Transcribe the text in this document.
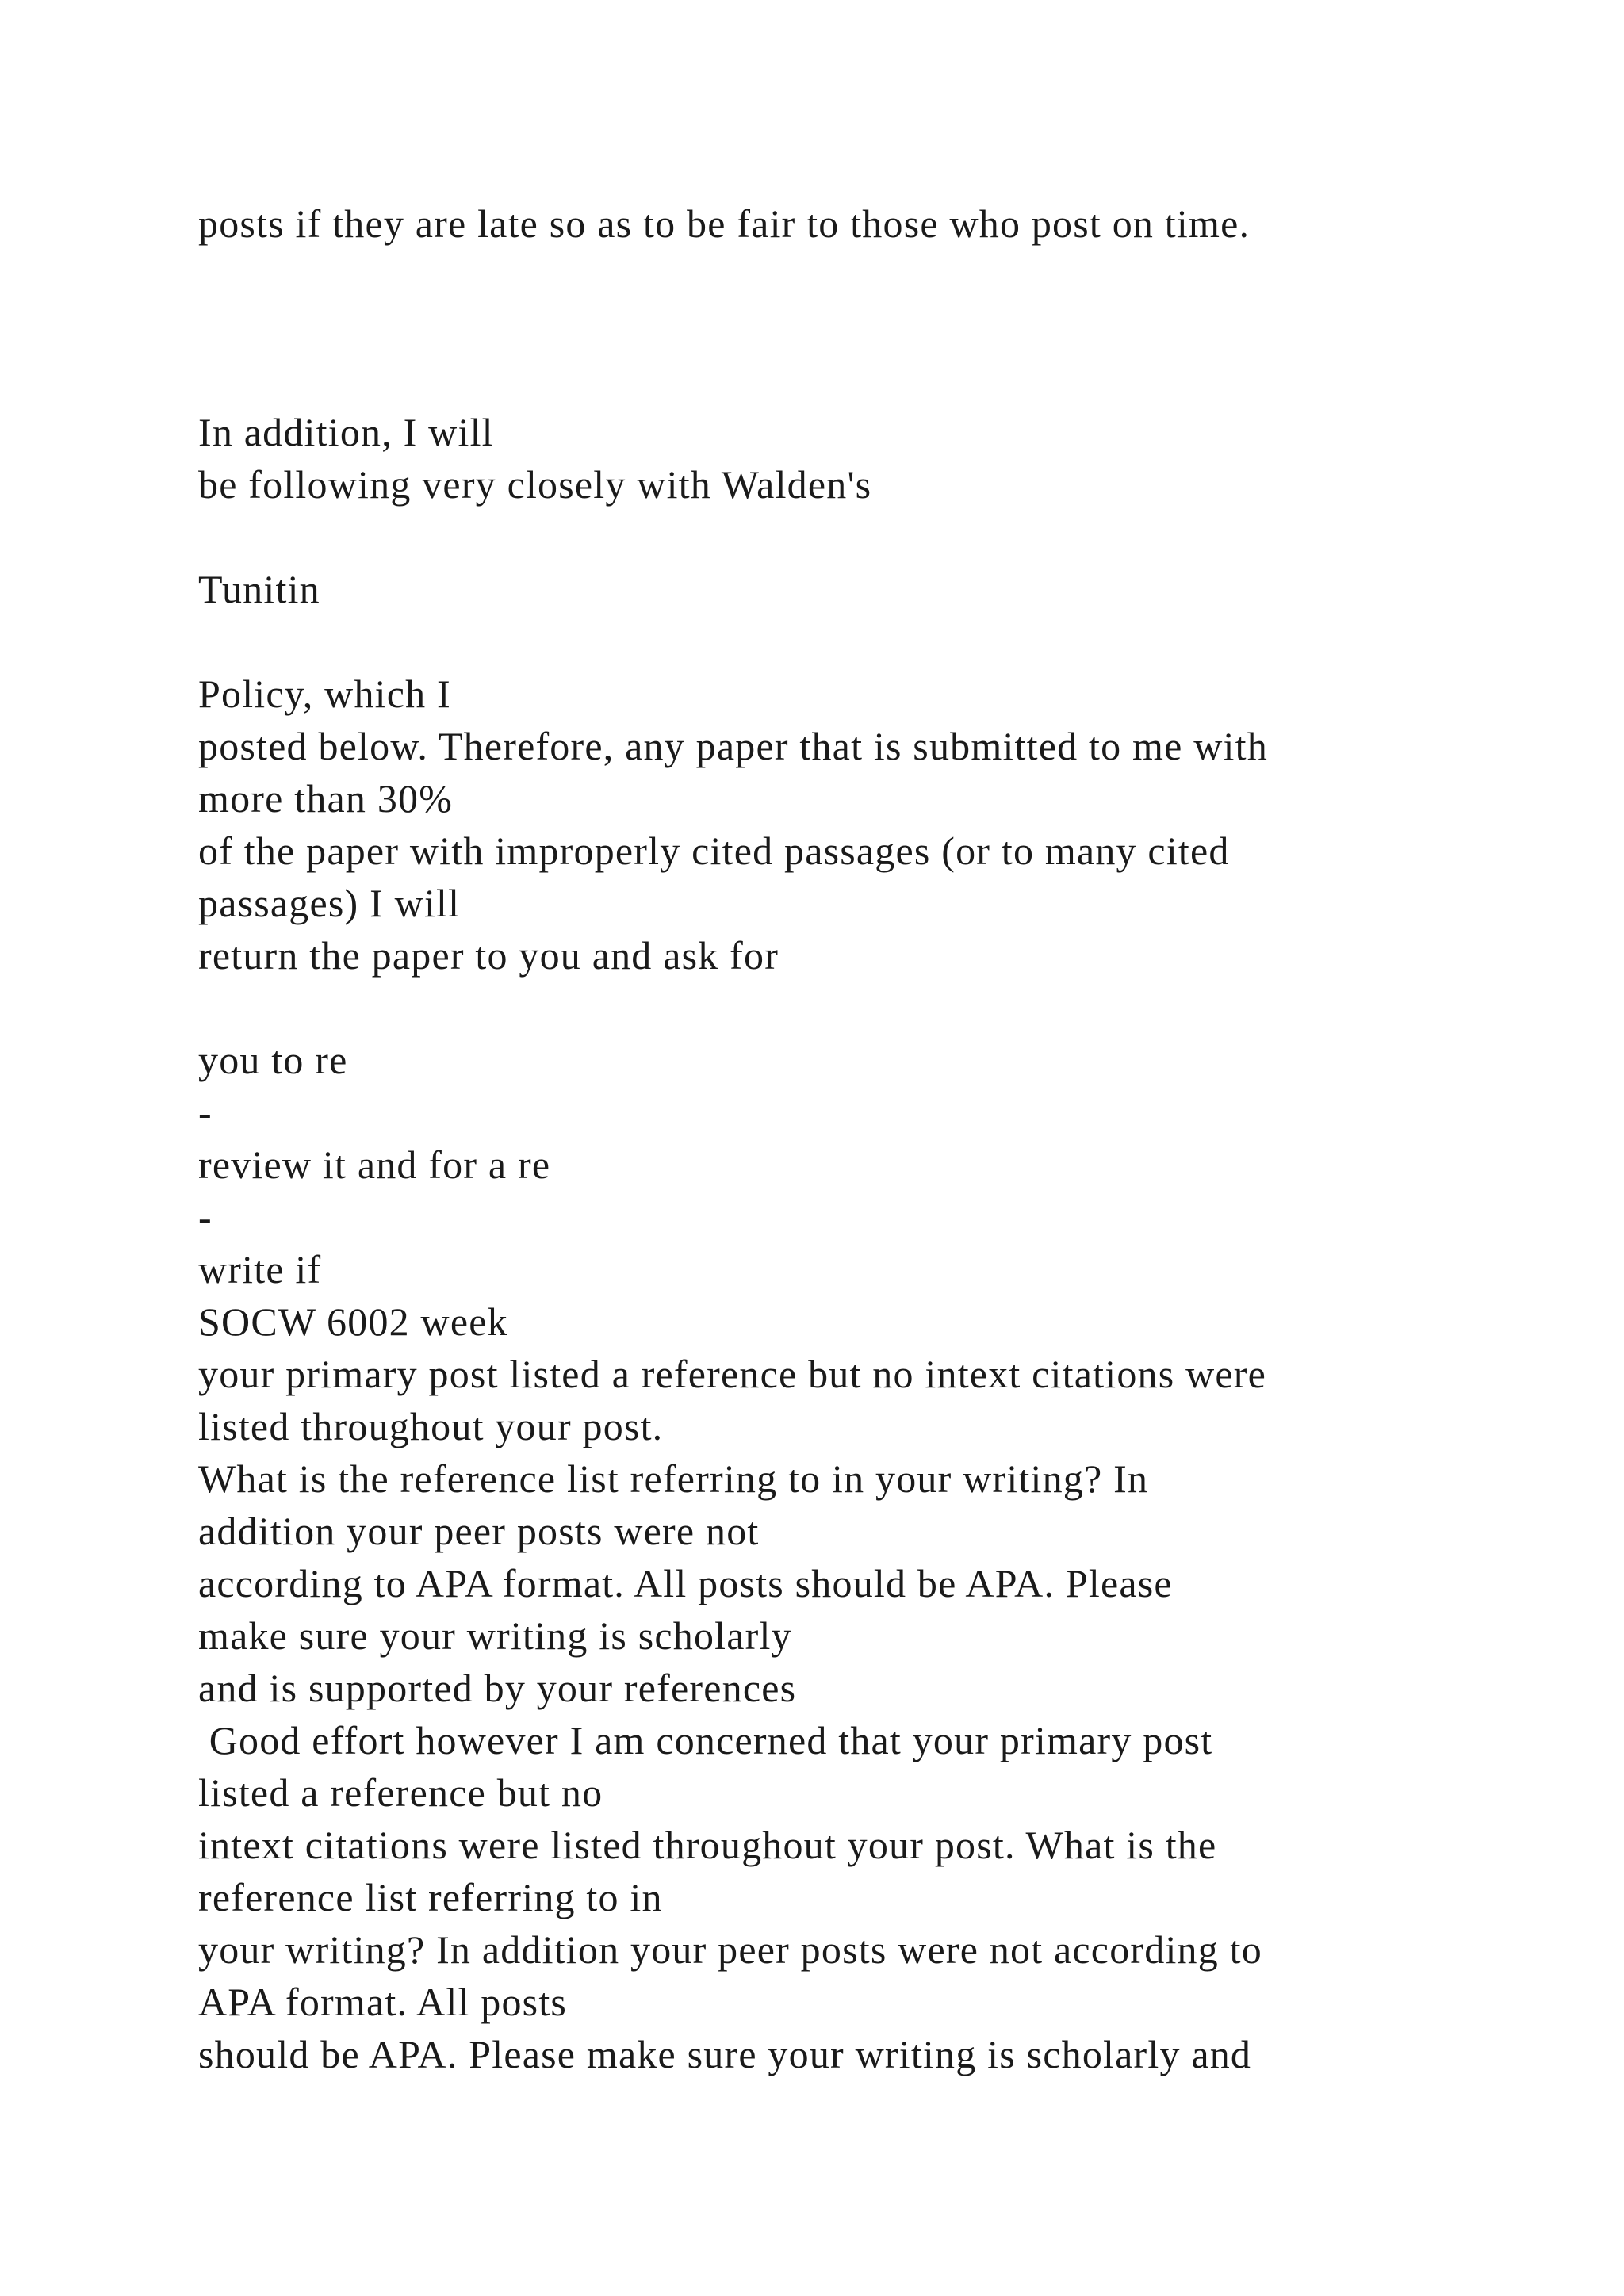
posts if they are late so as to be fair to those who post on time.
In addition, I will
be following very closely with Walden's
Tunitin
Policy, which I
posted below. Therefore, any paper that is submitted to me with
more than 30%
of the paper with improperly cited passages (or to many cited
passages) I will
return the paper to you and ask for
you to re
-
review it and for a re
-
write if
SOCW 6002 week
your primary post listed a reference but no intext citations were
listed throughout your post.
What is the reference list referring to in your writing? In
addition your peer posts were not
according to APA format. All posts should be APA. Please
make sure your writing is scholarly
and is supported by your references
Good effort however I am concerned that your primary post
listed a reference but no
intext citations were listed throughout your post. What is the
reference list referring to in
your writing? In addition your peer posts were not according to
APA format. All posts
should be APA. Please make sure your writing is scholarly and
